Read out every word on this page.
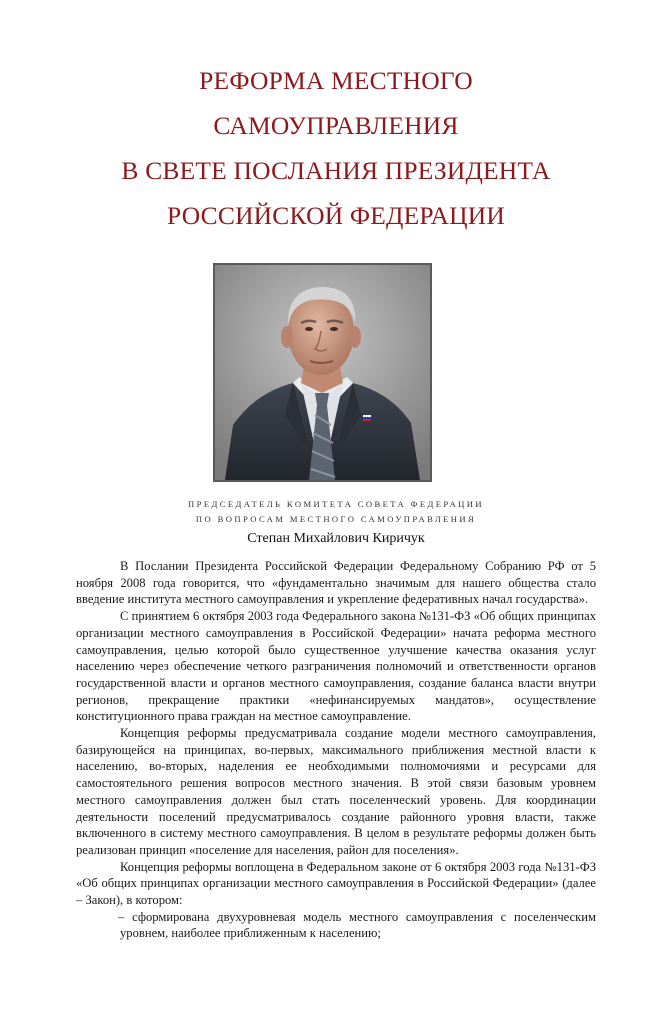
РЕФОРМА МЕСТНОГО
САМОУПРАВЛЕНИЯ
В СВЕТЕ ПОСЛАНИЯ ПРЕЗИДЕНТА
РОССИЙСКОЙ ФЕДЕРАЦИИ
ПРЕДСЕДАТЕЛЬ КОМИТЕТА СОВЕТА ФЕДЕРАЦИИ
ПО ВОПРОСАМ МЕСТНОГО САМОУПРАВЛЕНИЯ
Степан Михайлович Киричук

В Послании Президента Российской Федерации Федеральному Собранию РФ от 5 ноября 2008 года говорится, что «фундаментально значимым для нашего общества стало введение института местного самоуправления и укрепление федеративных начал государства».

С принятием 6 октября 2003 года Федерального закона №131-ФЗ «Об общих принципах организации местного самоуправления в Российской Федерации» начата реформа местного самоуправления, целью которой было существенное улучшение качества оказания услуг населению через обеспечение четкого разграничения полномочий и ответственности органов государственной власти и органов местного самоуправления, создание баланса власти внутри регионов, прекращение практики «нефинансируемых мандатов», осуществление конституционного права граждан на местное самоуправление.

Концепция реформы предусматривала создание модели местного самоуправления, базирующейся на принципах, во-первых, максимального приближения местной власти к населению, во-вторых, наделения ее необходимыми полномочиями и ресурсами для самостоятельного решения вопросов местного значения. В этой связи базовым уровнем местного самоуправления должен был стать поселенческий уровень. Для координации деятельности поселений предусматривалось создание районного уровня власти, также включенного в систему местного самоуправления. В целом в результате реформы должен быть реализован принцип «поселение для населения, район для поселения».

Концепция реформы воплощена в Федеральном законе от 6 октября 2003 года №131-ФЗ «Об общих принципах организации местного самоуправления в Российской Федерации» (далее – Закон), в котором:

– сформирована двухуровневая модель местного самоуправления с поселенческим уровнем, наиболее приближенным к населению;
